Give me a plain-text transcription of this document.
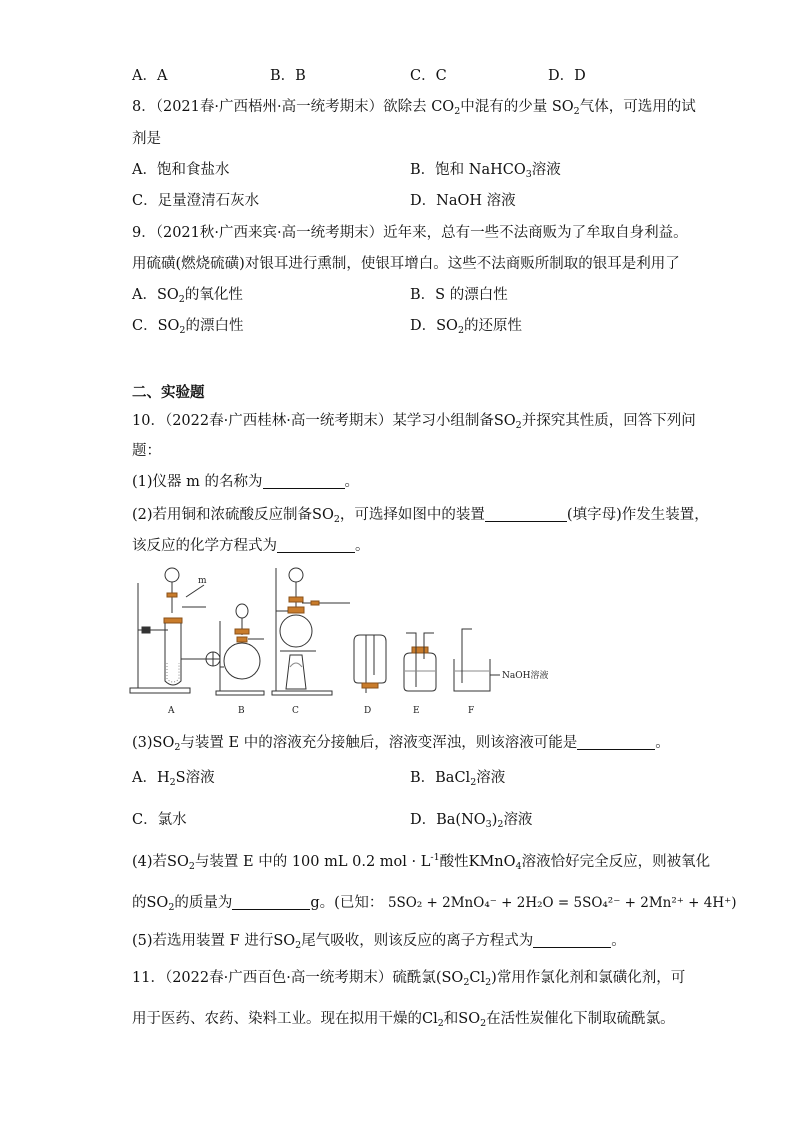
A．A	B．B	C．C	D．D
8．（2021春·广西梧州·高一统考期末）欲除去 $CO_2$中混有的少量 $SO_2$气体，可选用的试
剂是
A．饱和食盐水	B．饱和 NaHCO$_3$溶液
C．足量澄清石灰水	D．NaOH 溶液
9．（2021秋·广西来宾·高一统考期末）近年来，总有一些不法商贩为了牟取自身利益。
用硫磺(燃烧硫磺)对银耳进行熏制，使银耳增白。这些不法商贩所制取的银耳是利用了
A．$SO_2$的氧化性	B．S 的漂白性
C．$SO_2$的漂白性	D．$SO_2$的还原性
二、实验题
10．（2022春·广西桂林·高一统考期末）某学习小组制备$SO_2$并探究其性质，回答下列问
题：
(1)仪器 m 的名称为	。
(2)若用铜和浓硫酸反应制备$SO_2$，可选择如图中的装置	(填字母)作发生装置，
该反应的化学方程式为	。
m
NaOH溶液
A	B	C	D	E	F
$(3)SO_2$与装置 E 中的溶液充分接触后，溶液变浑浊，则该溶液可能是	。
A．$H_2S$溶液	B．BaCl$_2$溶液
C．氯水	D．$Ba(NO_3)_2$溶液
(4)若$SO_2$与装置 E 中的 100 mL 0.2 mol · $L^{-1}$酸性KMnO$_4$溶液恰好完全反应，则被氧化
的$SO_2$的质量为	g。(已知： 5SO₂ + 2MnO₄⁻ + 2H₂O = 5SO₄²⁻ + 2Mn²⁺ + 4H⁺)
(5)若选用装置 F 进行$SO_2$尾气吸收，则该反应的离子方程式为	。
11．（2022春·广西百色·高一统考期末）硫酰氯$(SO_2Cl_2)$常用作氯化剂和氯磺化剂，可
用于医药、农药、染料工业。现在拟用干燥的$Cl_2$和$SO_2$在活性炭催化下制取硫酰氯。
